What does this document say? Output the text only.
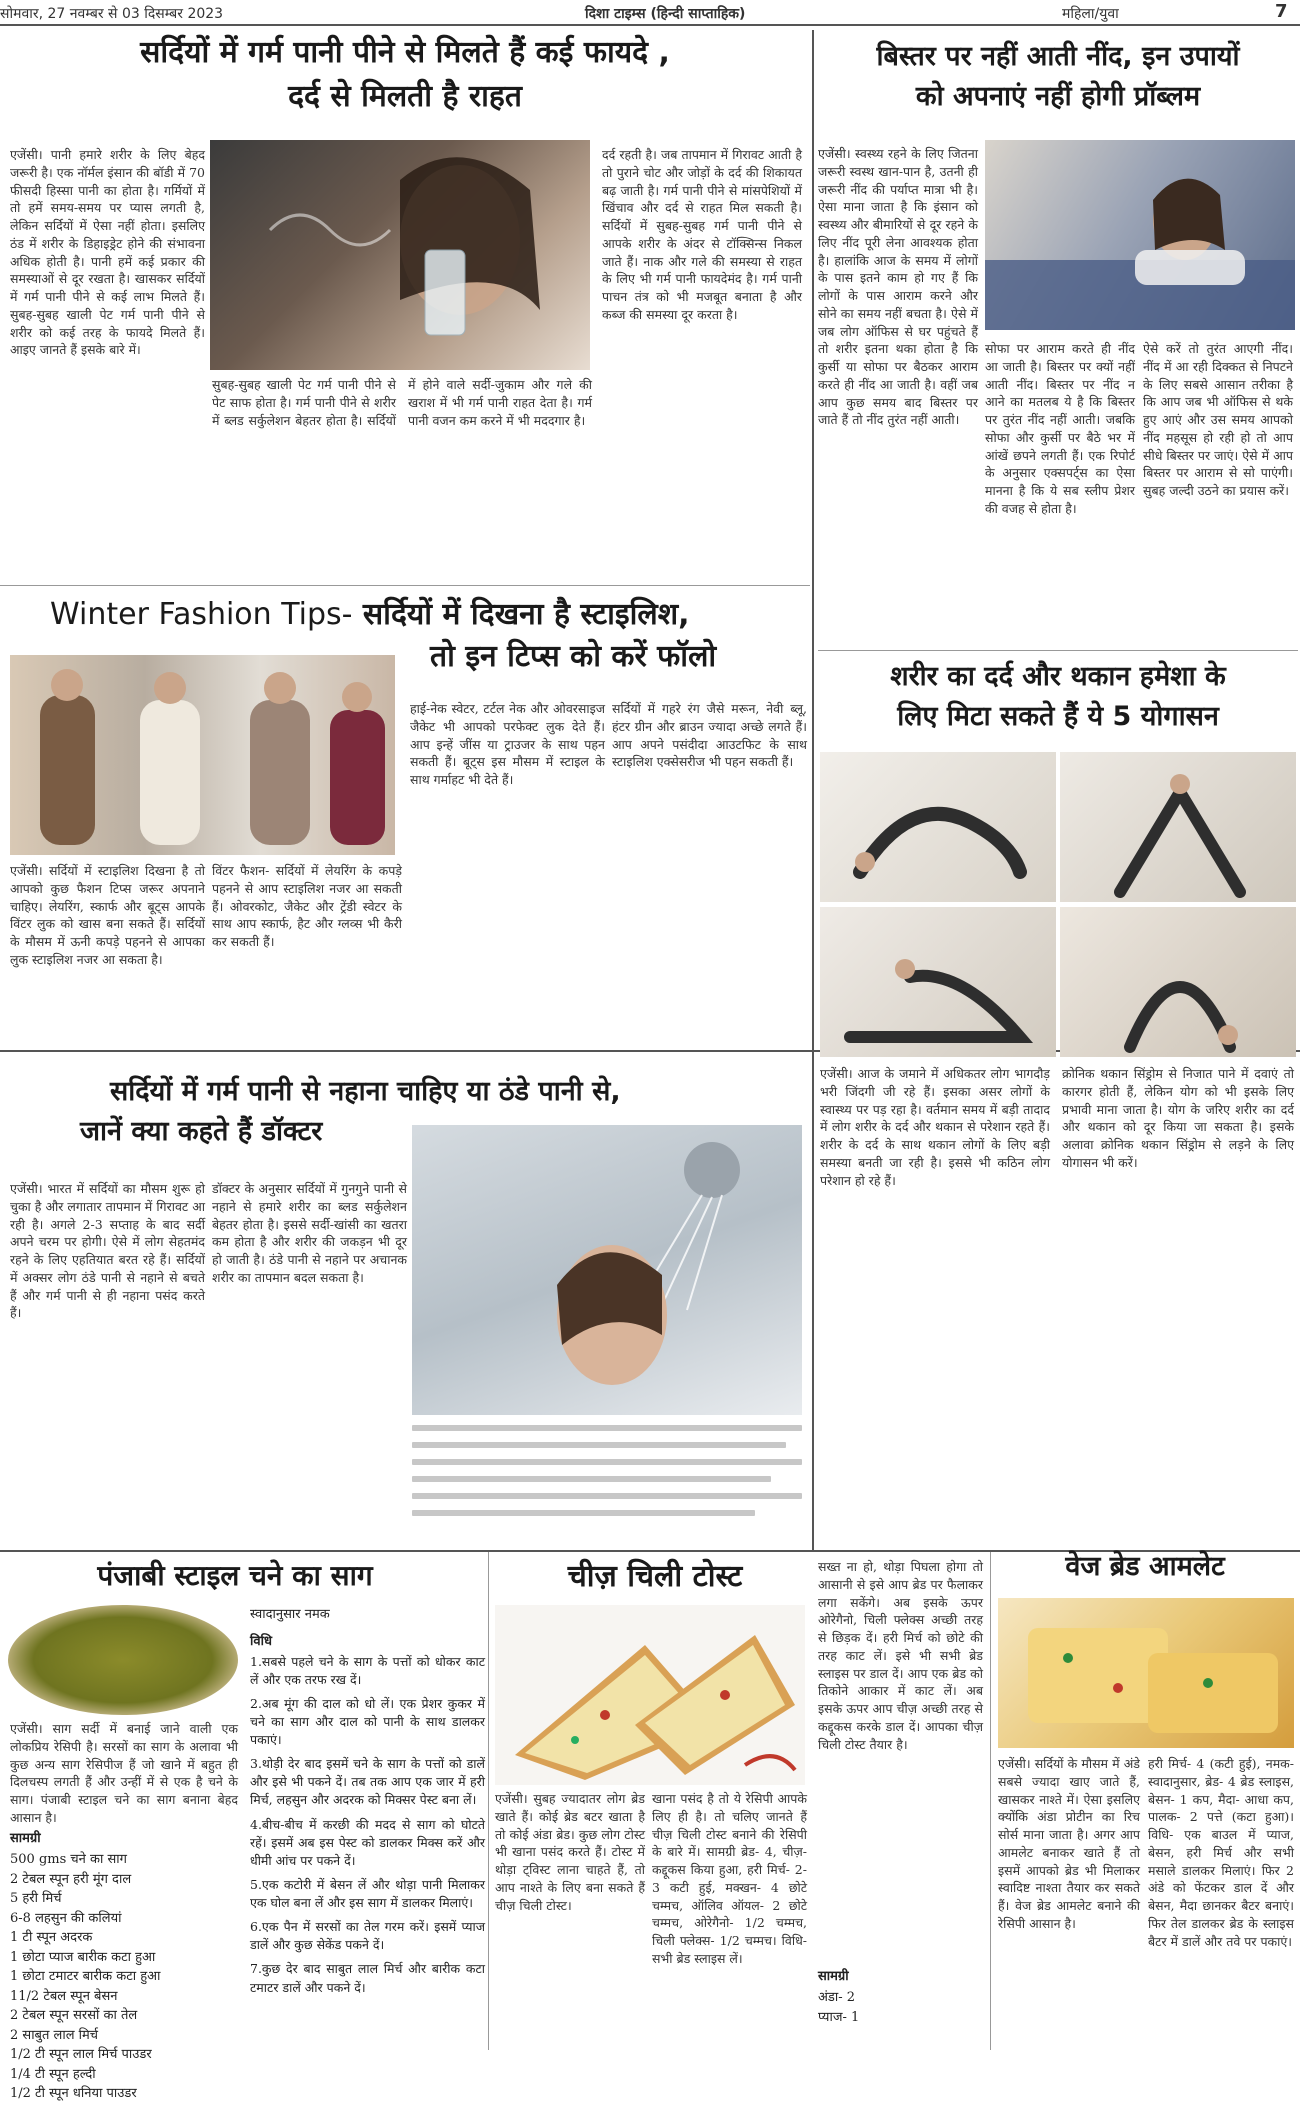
सोमवार, 27 नवम्बर से 03 दिसम्बर 2023	दिशा टाइम्स (हिन्दी साप्ताहिक)	महिला/युवा	7
सर्दियों में गर्म पानी पीने से मिलते हैं कई फायदे ,
दर्द से मिलती है राहत
एजेंसी। पानी हमारे शरीर के लिए बेहद जरूरी है। एक नॉर्मल इंसान की बॉडी में 70 फीसदी हिस्सा पानी का होता है। गर्मियों में तो हमें समय-समय पर प्यास लगती है, लेकिन सर्दियों में ऐसा नहीं होता। इसलिए ठंड में शरीर के डिहाइड्रेट होने की संभावना अधिक होती है। पानी हमें कई प्रकार की समस्याओं से दूर रखता है। खासकर सर्दियों में गर्म पानी पीने से कई लाभ मिलते हैं। सुबह-सुबह खाली पेट गर्म पानी पीने से शरीर को कई तरह के फायदे मिलते हैं। आइए जानते हैं इसके बारे में।
सुबह-सुबह खाली पेट गर्म पानी पीने से पेट साफ होता है। गर्म पानी पीने से शरीर में ब्लड सर्कुलेशन बेहतर होता है। सर्दियों में होने वाले सर्दी-जुकाम और गले की खराश में भी गर्म पानी राहत देता है। गर्म पानी वजन कम करने में भी मददगार है।
दर्द रहती है। जब तापमान में गिरावट आती है तो पुराने चोट और जोड़ों के दर्द की शिकायत बढ़ जाती है। गर्म पानी पीने से मांसपेशियों में खिंचाव और दर्द से राहत मिल सकती है। सर्दियों में सुबह-सुबह गर्म पानी पीने से आपके शरीर के अंदर से टॉक्सिन्स निकल जाते हैं। नाक और गले की समस्या से राहत के लिए भी गर्म पानी फायदेमंद है। गर्म पानी पाचन तंत्र को भी मजबूत बनाता है और कब्ज की समस्या दूर करता है।
बिस्तर पर नहीं आती नींद, इन उपायों
को अपनाएं नहीं होगी प्रॉब्लम
एजेंसी। स्वस्थ्य रहने के लिए जितना जरूरी स्वस्थ खान-पान है, उतनी ही जरूरी नींद की पर्याप्त मात्रा भी है। ऐसा माना जाता है कि इंसान को स्वस्थ्य और बीमारियों से दूर रहने के लिए नींद पूरी लेना आवश्यक होता है। हालांकि आज के समय में लोगों के पास इतने काम हो गए हैं कि लोगों के पास आराम करने और सोने का समय नहीं बचता है। ऐसे में जब लोग ऑफिस से घर पहुंचते हैं तो शरीर इतना थका होता है कि कुर्सी या सोफा पर बैठकर आराम करते ही नींद आ जाती है। वहीं जब आप कुछ समय बाद बिस्तर पर जाते हैं तो नींद तुरंत नहीं आती।
सोफा पर आराम करते ही नींद आ जाती है। बिस्तर पर क्यों नहीं आती नींद। बिस्तर पर नींद न आने का मतलब ये है कि बिस्तर पर तुरंत नींद नहीं आती। जबकि सोफा और कुर्सी पर बैठे भर में आंखें छपने लगती हैं। एक रिपोर्ट के अनुसार एक्सपर्ट्स का ऐसा मानना है कि ये सब स्लीप प्रेशर की वजह से होता है।
ऐसे करें तो तुरंत आएगी नींद। नींद में आ रही दिक्कत से निपटने के लिए सबसे आसान तरीका है कि आप जब भी ऑफिस से थके हुए आएं और उस समय आपको नींद महसूस हो रही हो तो आप सीधे बिस्तर पर जाएं। ऐसे में आप बिस्तर पर आराम से सो पाएंगी। सुबह जल्दी उठने का प्रयास करें।
Winter Fashion Tips- सर्दियों में दिखना है स्टाइलिश,
तो इन टिप्स को करें फॉलो
हाई-नेक स्वेटर, टर्टल नेक और ओवरसाइज जैकेट भी आपको परफेक्ट लुक देते हैं। आप इन्हें जींस या ट्राउजर के साथ पहन सकती हैं। बूट्स इस मौसम में स्टाइल के साथ गर्माहट भी देते हैं।
सर्दियों में गहरे रंग जैसे मरून, नेवी ब्लू, हंटर ग्रीन और ब्राउन ज्यादा अच्छे लगते हैं। आप अपने पसंदीदा आउटफिट के साथ स्टाइलिश एक्सेसरीज भी पहन सकती हैं।
एजेंसी। सर्दियों में स्टाइलिश दिखना है तो आपको कुछ फैशन टिप्स जरूर अपनाने चाहिए। लेयरिंग, स्कार्फ और बूट्स आपके विंटर लुक को खास बना सकते हैं। सर्दियों के मौसम में ऊनी कपड़े पहनने से आपका लुक स्टाइलिश नजर आ सकता है।
विंटर फैशन- सर्दियों में लेयरिंग के कपड़े पहनने से आप स्टाइलिश नजर आ सकती हैं। ओवरकोट, जैकेट और ट्रेंडी स्वेटर के साथ आप स्कार्फ, हैट और ग्लव्स भी कैरी कर सकती हैं।
शरीर का दर्द और थकान हमेशा के
लिए मिटा सकते हैं ये 5 योगासन
एजेंसी। आज के जमाने में अधिकतर लोग भागदौड़ भरी जिंदगी जी रहे हैं। इसका असर लोगों के स्वास्थ्य पर पड़ रहा है। वर्तमान समय में बड़ी तादाद में लोग शरीर के दर्द और थकान से परेशान रहते हैं। शरीर के दर्द के साथ थकान लोगों के लिए बड़ी समस्या बनती जा रही है। इससे भी कठिन लोग परेशान हो रहे हैं।
क्रोनिक थकान सिंड्रोम से निजात पाने में दवाएं तो कारगर होती हैं, लेकिन योग को भी इसके लिए प्रभावी माना जाता है। योग के जरिए शरीर का दर्द और थकान को दूर किया जा सकता है। इसके अलावा क्रोनिक थकान सिंड्रोम से लड़ने के लिए योगासन भी करें।
सर्दियों में गर्म पानी से नहाना चाहिए या ठंडे पानी से,
जानें क्या कहते हैं डॉक्टर
एजेंसी। भारत में सर्दियों का मौसम शुरू हो चुका है और लगातार तापमान में गिरावट आ रही है। अगले 2-3 सप्ताह के बाद सर्दी अपने चरम पर होगी। ऐसे में लोग सेहतमंद रहने के लिए एहतियात बरत रहे हैं। सर्दियों में अक्सर लोग ठंडे पानी से नहाने से बचते हैं और गर्म पानी से ही नहाना पसंद करते हैं।
डॉक्टर के अनुसार सर्दियों में गुनगुने पानी से नहाने से हमारे शरीर का ब्लड सर्कुलेशन बेहतर होता है। इससे सर्दी-खांसी का खतरा कम होता है और शरीर की जकड़न भी दूर हो जाती है। ठंडे पानी से नहाने पर अचानक शरीर का तापमान बदल सकता है।
पंजाबी स्टाइल चने का साग
एजेंसी। साग सर्दी में बनाई जाने वाली एक लोकप्रिय रेसिपी है। सरसों का साग के अलावा भी कुछ अन्य साग रेसिपीज हैं जो खाने में बहुत ही दिलचस्प लगती हैं और उन्हीं में से एक है चने के साग। पंजाबी स्टाइल चने का साग बनाना बेहद आसान है।
सामग्री
500 gms चने का साग
2 टेबल स्पून हरी मूंग दाल
5 हरी मिर्च
6-8 लहसुन की कलियां
1 टी स्पून अदरक
1 छोटा प्याज बारीक कटा हुआ
1 छोटा टमाटर बारीक कटा हुआ
11/2 टेबल स्पून बेसन
2 टेबल स्पून सरसों का तेल
2 साबुत लाल मिर्च
1/2 टी स्पून लाल मिर्च पाउडर
1/4 टी स्पून हल्दी
1/2 टी स्पून धनिया पाउडर
स्वादानुसार नमक
विधि
1.सबसे पहले चने के साग के पत्तों को धोकर काट लें और एक तरफ रख दें।
2.अब मूंग की दाल को धो लें। एक प्रेशर कुकर में चने का साग और दाल को पानी के साथ डालकर पकाएं।
3.थोड़ी देर बाद इसमें चने के साग के पत्तों को डालें और इसे भी पकने दें। तब तक आप एक जार में हरी मिर्च, लहसुन और अदरक को मिक्सर पेस्ट बना लें।
4.बीच-बीच में करछी की मदद से साग को घोटते रहें। इसमें अब इस पेस्ट को डालकर मिक्स करें और धीमी आंच पर पकने दें।
5.एक कटोरी में बेसन लें और थोड़ा पानी मिलाकर एक घोल बना लें और इस साग में डालकर मिलाएं।
6.एक पैन में सरसों का तेल गरम करें। इसमें प्याज डालें और कुछ सेकेंड पकने दें।
7.कुछ देर बाद साबुत लाल मिर्च और बारीक कटा टमाटर डालें और पकने दें।
चीज़ चिली टोस्ट
एजेंसी। सुबह ज्यादातर लोग ब्रेड खाते हैं। कोई ब्रेड बटर खाता है तो कोई अंडा ब्रेड। कुछ लोग टोस्ट भी खाना पसंद करते हैं। टोस्ट में थोड़ा ट्विस्ट लाना चाहते हैं, तो आप नाश्ते के लिए बना सकते हैं चीज़ चिली टोस्ट।
खाना पसंद है तो ये रेसिपी आपके लिए ही है। तो चलिए जानते हैं चीज़ चिली टोस्ट बनाने की रेसिपी के बारे में। सामग्री ब्रेड- 4, चीज़- कद्दूकस किया हुआ, हरी मिर्च- 2-3 कटी हुई, मक्खन- 4 छोटे चम्मच, ऑलिव ऑयल- 2 छोटे चम्मच, ओरेगैनो- 1/2 चम्मच, चिली फ्लेक्स- 1/2 चम्मच। विधि- सभी ब्रेड स्लाइस लें।
सख्त ना हो, थोड़ा पिघला होगा तो आसानी से इसे आप ब्रेड पर फैलाकर लगा सकेंगे। अब इसके ऊपर ओरेगैनो, चिली फ्लेक्स अच्छी तरह से छिड़क दें। हरी मिर्च को छोटे की तरह काट लें। इसे भी सभी ब्रेड स्लाइस पर डाल दें। आप एक ब्रेड को तिकोने आकार में काट लें। अब इसके ऊपर आप चीज़ अच्छी तरह से कद्दूकस करके डाल दें। आपका चीज़ चिली टोस्ट तैयार है।
सामग्री
अंडा- 2
प्याज- 1
वेज ब्रेड आमलेट
एजेंसी। सर्दियों के मौसम में अंडे सबसे ज्यादा खाए जाते हैं, खासकर नाश्ते में। ऐसा इसलिए क्योंकि अंडा प्रोटीन का रिच सोर्स माना जाता है। अगर आप आमलेट बनाकर खाते हैं तो इसमें आपको ब्रेड भी मिलाकर स्वादिष्ट नाश्ता तैयार कर सकते हैं। वेज ब्रेड आमलेट बनाने की रेसिपी आसान है।
हरी मिर्च- 4 (कटी हुई), नमक- स्वादानुसार, ब्रेड- 4 ब्रेड स्लाइस, बेसन- 1 कप, मैदा- आधा कप, पालक- 2 पत्ते (कटा हुआ)। विधि- एक बाउल में प्याज, बेसन, हरी मिर्च और सभी मसाले डालकर मिलाएं। फिर 2 अंडे को फेंटकर डाल दें और बेसन, मैदा छानकर बैटर बनाएं। फिर तेल डालकर ब्रेड के स्लाइस बैटर में डालें और तवे पर पकाएं।
